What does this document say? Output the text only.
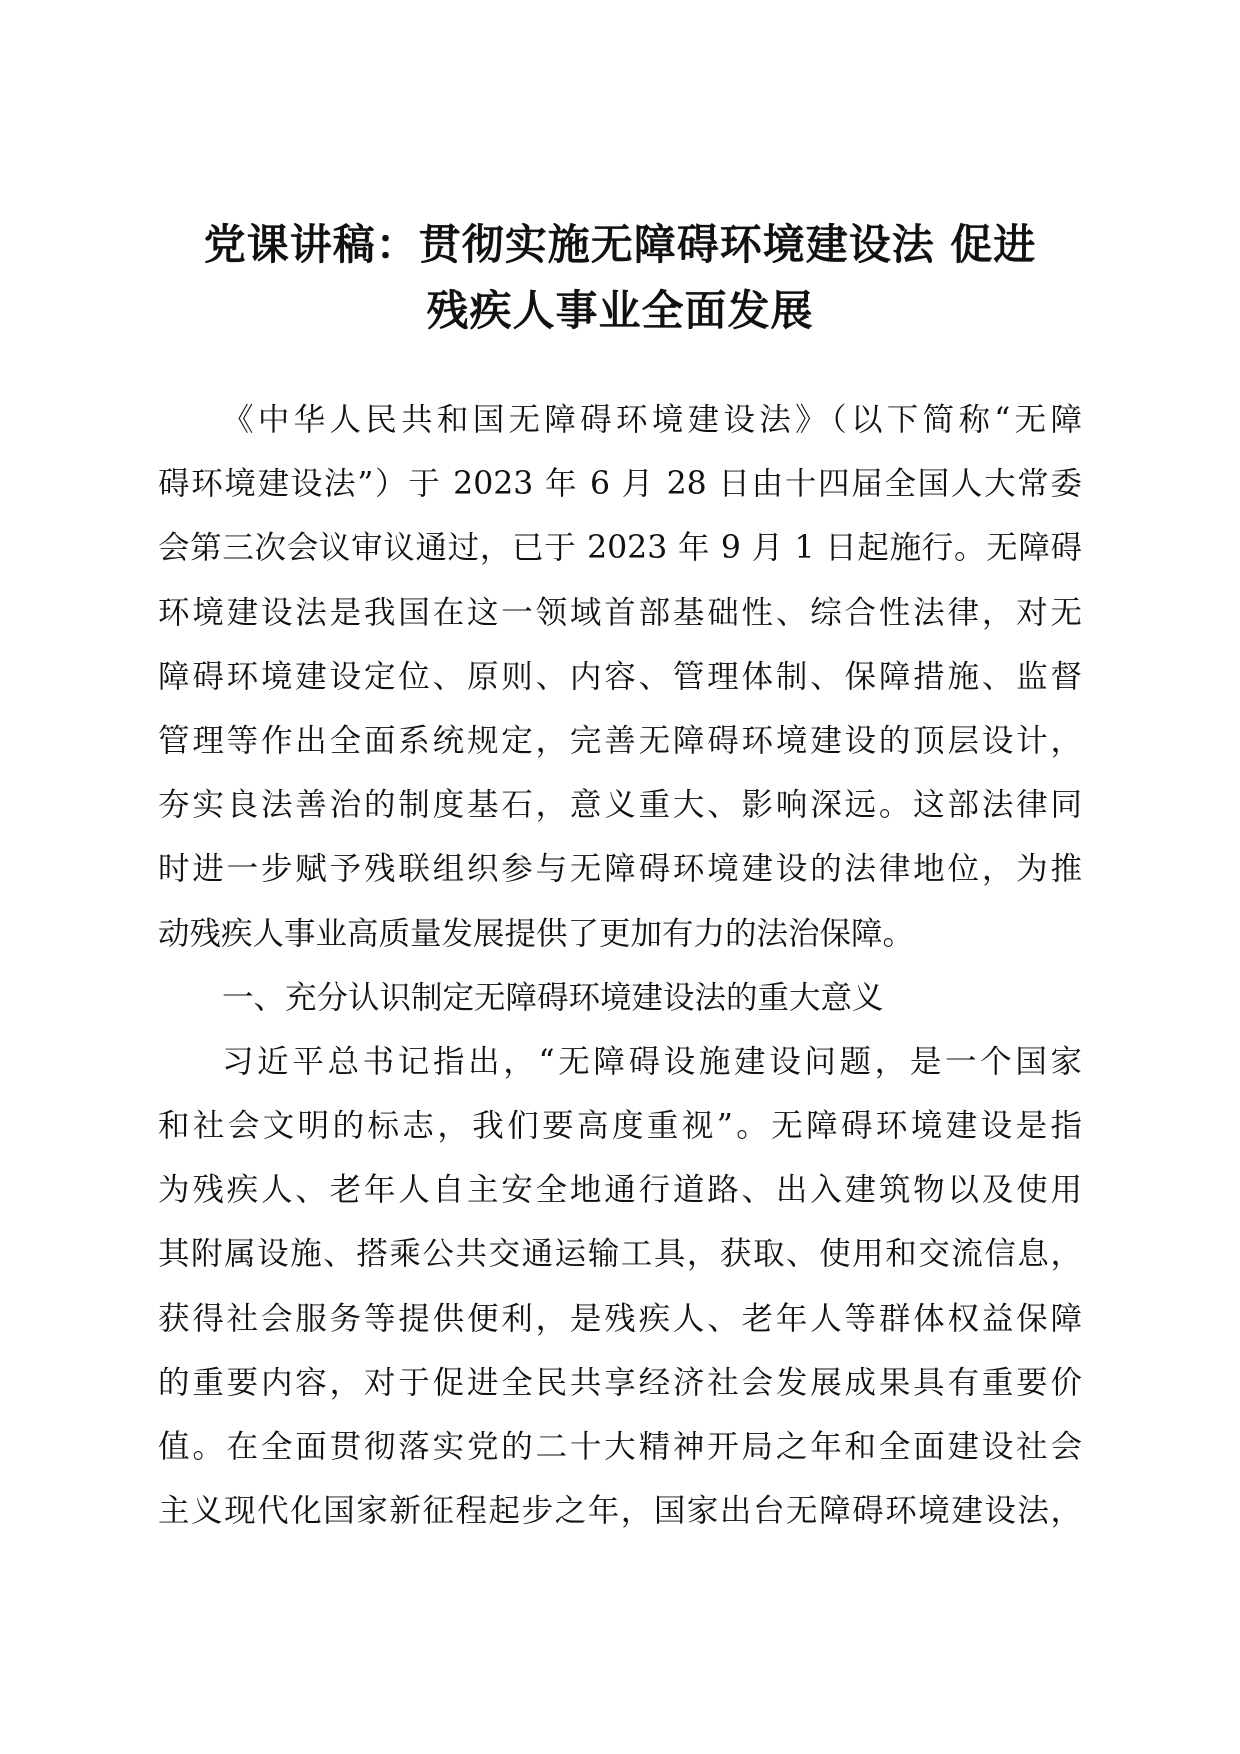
党课讲稿：贯彻实施无障碍环境建设法 促进
残疾人事业全面发展
《中华人民共和国无障碍环境建设法》（以下简称“无障
碍环境建设法”）于 2023 年 6 月 28 日由十四届全国人大常委
会第三次会议审议通过，已于 2023 年 9 月 1 日起施行。无障碍
环境建设法是我国在这一领域首部基础性、综合性法律，对无
障碍环境建设定位、原则、内容、管理体制、保障措施、监督
管理等作出全面系统规定，完善无障碍环境建设的顶层设计，
夯实良法善治的制度基石，意义重大、影响深远。这部法律同
时进一步赋予残联组织参与无障碍环境建设的法律地位，为推
动残疾人事业高质量发展提供了更加有力的法治保障。
一、充分认识制定无障碍环境建设法的重大意义
习近平总书记指出，“无障碍设施建设问题，是一个国家
和社会文明的标志，我们要高度重视”。无障碍环境建设是指
为残疾人、老年人自主安全地通行道路、出入建筑物以及使用
其附属设施、搭乘公共交通运输工具，获取、使用和交流信息，
获得社会服务等提供便利，是残疾人、老年人等群体权益保障
的重要内容，对于促进全民共享经济社会发展成果具有重要价
值。在全面贯彻落实党的二十大精神开局之年和全面建设社会
主义现代化国家新征程起步之年，国家出台无障碍环境建设法，
